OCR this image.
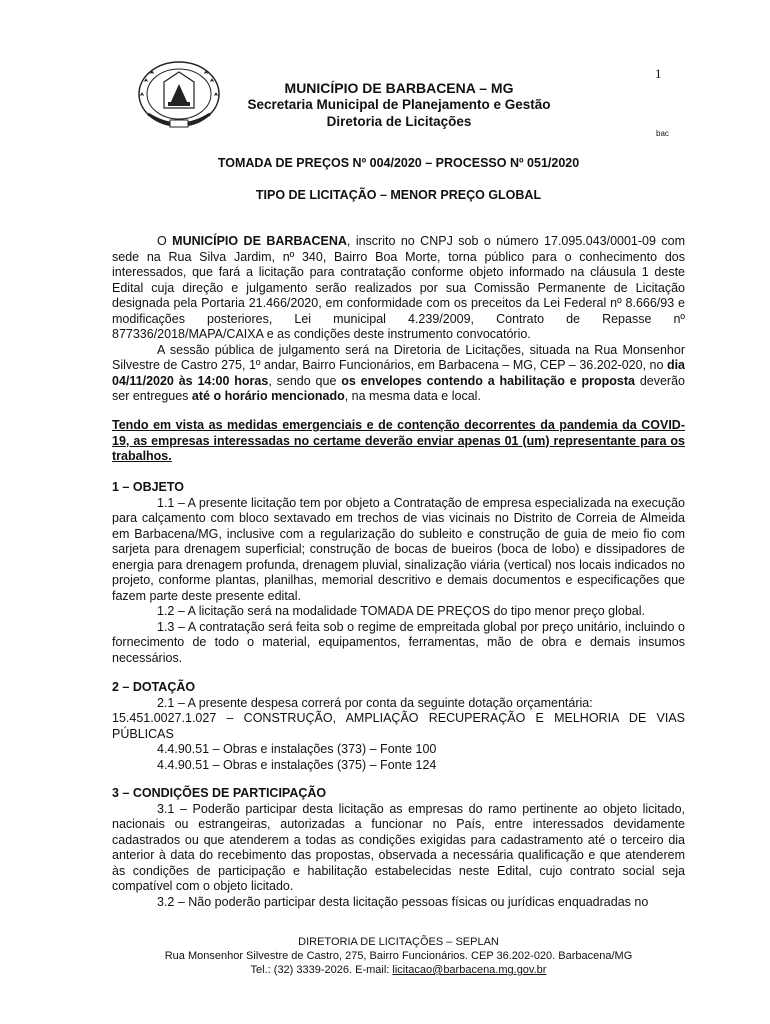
1
MUNICÍPIO DE BARBACENA – MG
Secretaria Municipal de Planejamento e Gestão
Diretoria de Licitações
bac
TOMADA DE PREÇOS Nº 004/2020 – PROCESSO Nº 051/2020
TIPO DE LICITAÇÃO – MENOR PREÇO GLOBAL

O MUNICÍPIO DE BARBACENA, inscrito no CNPJ sob o número 17.095.043/0001-09 com sede na Rua Silva Jardim, nº 340, Bairro Boa Morte, torna público para o conhecimento dos interessados, que fará a licitação para contratação conforme objeto informado na cláusula 1 deste Edital cuja direção e julgamento serão realizados por sua Comissão Permanente de Licitação designada pela Portaria 21.466/2020, em conformidade com os preceitos da Lei Federal nº 8.666/93 e modificações posteriores, Lei municipal 4.239/2009, Contrato de Repasse nº 877336/2018/MAPA/CAIXA e as condições deste instrumento convocatório.

A sessão pública de julgamento será na Diretoria de Licitações, situada na Rua Monsenhor Silvestre de Castro 275, 1º andar, Bairro Funcionários, em Barbacena – MG, CEP – 36.202-020, no dia 04/11/2020 às 14:00 horas, sendo que os envelopes contendo a habilitação e proposta deverão ser entregues até o horário mencionado, na mesma data e local.

Tendo em vista as medidas emergenciais e de contenção decorrentes da pandemia da COVID-19, as empresas interessadas no certame deverão enviar apenas 01 (um) representante para os trabalhos.

1 – OBJETO

1.1 – A presente licitação tem por objeto a Contratação de empresa especializada na execução para calçamento com bloco sextavado em trechos de vias vicinais no Distrito de Correia de Almeida em Barbacena/MG, inclusive com a regularização do subleito e construção de guia de meio fio com sarjeta para drenagem superficial; construção de bocas de bueiros (boca de lobo) e dissipadores de energia para drenagem profunda, drenagem pluvial, sinalização viária (vertical) nos locais indicados no projeto, conforme plantas, planilhas, memorial descritivo e demais documentos e especificações que fazem parte deste presente edital.

1.2 – A licitação será na modalidade TOMADA DE PREÇOS do tipo menor preço global.

1.3 – A contratação será feita sob o regime de empreitada global por preço unitário, incluindo o fornecimento de todo o material, equipamentos, ferramentas, mão de obra e demais insumos necessários.

2 – DOTAÇÃO

2.1 – A presente despesa correrá por conta da seguinte dotação orçamentária:

15.451.0027.1.027 – CONSTRUÇÃO, AMPLIAÇÃO RECUPERAÇÃO E MELHORIA DE VIAS PÚBLICAS

4.4.90.51 – Obras e instalações (373) – Fonte 100
4.4.90.51 – Obras e instalações (375) – Fonte 124

3 – CONDIÇÕES DE PARTICIPAÇÃO

3.1 – Poderão participar desta licitação as empresas do ramo pertinente ao objeto licitado, nacionais ou estrangeiras, autorizadas a funcionar no País, entre interessados devidamente cadastrados ou que atenderem a todas as condições exigidas para cadastramento até o terceiro dia anterior à data do recebimento das propostas, observada a necessária qualificação e que atenderem às condições de participação e habilitação estabelecidas neste Edital, cujo contrato social seja compatível com o objeto licitado.

3.2 – Não poderão participar desta licitação pessoas físicas ou jurídicas enquadradas no

DIRETORIA DE LICITAÇÕES – SEPLAN
Rua Monsenhor Silvestre de Castro, 275, Bairro Funcionários. CEP 36.202-020. Barbacena/MG
Tel.: (32) 3339-2026. E-mail: licitacao@barbacena.mg.gov.br
